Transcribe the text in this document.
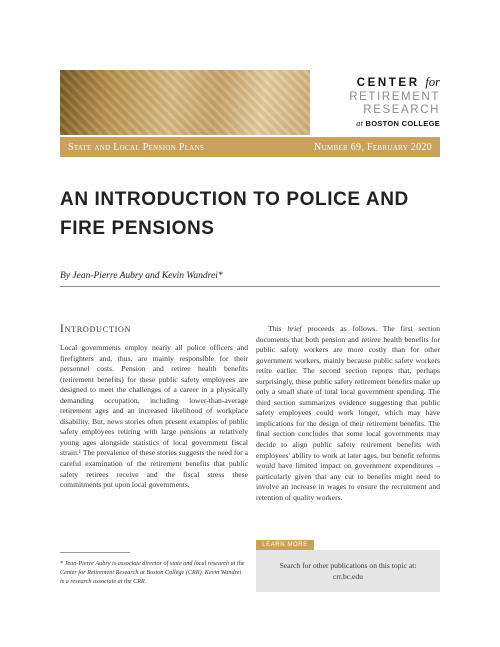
CENTER for
RETIREMENT
RESEARCH
at BOSTON COLLEGE
State and Local Pension Plans	Number 69, February 2020
AN INTRODUCTION TO POLICE AND FIRE PENSIONS
By Jean-Pierre Aubry and Kevin Wandrei*
Introduction

Local governments employ nearly all police officers and firefighters and, thus, are mainly responsible for their personnel costs. Pension and retiree health benefits (retirement benefits) for these public safety employees are designed to meet the challenges of a career in a physically demanding occupation, including lower-than-average retirement ages and an increased likelihood of workplace disability. But, news stories often present examples of public safety employees retiring with large pensions at relatively young ages alongside statistics of local government fiscal strain.¹ The prevalence of these stories suggests the need for a careful examination of the retirement benefits that public safety retirees receive and the fiscal stress these commitments put upon local governments.

This brief proceeds as follows. The first section documents that both pension and retiree health benefits for public safety workers are more costly than for other government workers, mainly because public safety workers retire earlier. The second section reports that, perhaps surprisingly, these public safety retirement benefits make up only a small share of total local government spending. The third section summarizes evidence suggesting that public safety employees could work longer, which may have implications for the design of their retirement benefits. The final section concludes that some local governments may decide to align public safety retirement benefits with employees' ability to work at later ages, but benefit reforms would have limited impact on government expenditures – particularly given that any cut to benefits might need to involve an increase in wages to ensure the recruitment and retention of quality workers.

* Jean-Pierre Aubry is associate director of state and local research at the Center for Retirement Research at Boston College (CRR). Kevin Wandrei is a research associate at the CRR.

LEARN MORE
Search for other publications on this topic at:
crr.bc.edu
